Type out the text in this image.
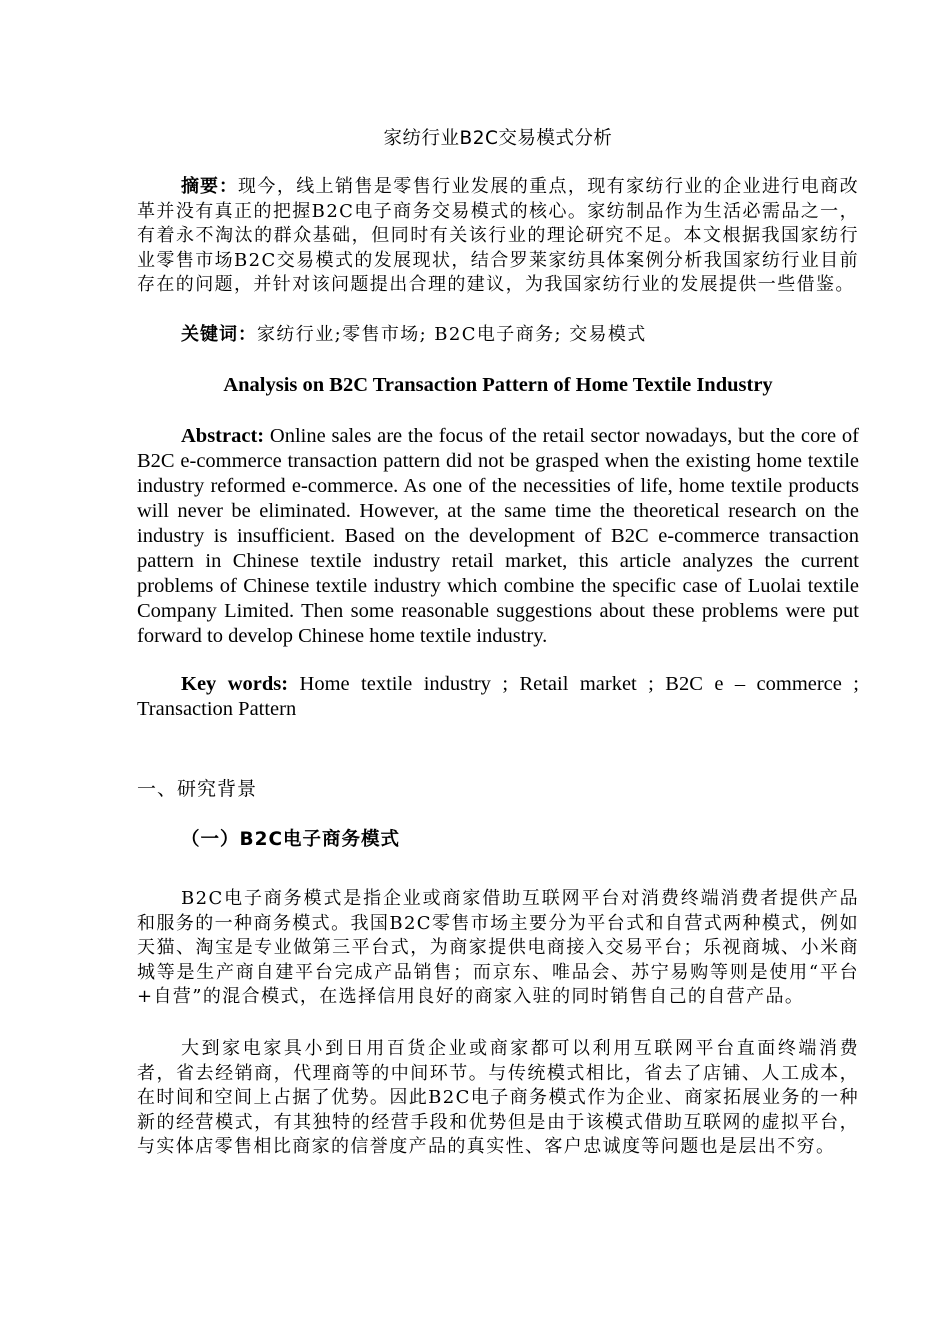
家纺行业B2C交易模式分析
摘要：现今，线上销售是零售行业发展的重点，现有家纺行业的企业进行电商改革并没有真正的把握B2C电子商务交易模式的核心。家纺制品作为生活必需品之一，有着永不淘汰的群众基础，但同时有关该行业的理论研究不足。本文根据我国家纺行业零售市场B2C交易模式的发展现状，结合罗莱家纺具体案例分析我国家纺行业目前存在的问题，并针对该问题提出合理的建议，为我国家纺行业的发展提供一些借鉴。
关键词：家纺行业;零售市场; B2C电子商务; 交易模式
Analysis on B2C Transaction Pattern of Home Textile Industry
Abstract: Online sales are the focus of the retail sector nowadays, but the core of B2C e-commerce transaction pattern did not be grasped when the existing home textile industry reformed e-commerce. As one of the necessities of life, home textile products will never be eliminated. However, at the same time the theoretical research on the industry is insufficient. Based on the development of B2C e-commerce transaction pattern in Chinese textile industry retail market, this article analyzes the current problems of Chinese textile industry which combine the specific case of Luolai textile Company Limited. Then some reasonable suggestions about these problems were put forward to develop Chinese home textile industry.
Key words: Home textile industry ; Retail market ; B2C e – commerce ; Transaction Pattern
一、研究背景
（一）B2C电子商务模式
B2C电子商务模式是指企业或商家借助互联网平台对消费终端消费者提供产品和服务的一种商务模式。我国B2C零售市场主要分为平台式和自营式两种模式，例如天猫、淘宝是专业做第三平台式，为商家提供电商接入交易平台；乐视商城、小米商城等是生产商自建平台完成产品销售；而京东、唯品会、苏宁易购等则是使用“平台+自营”的混合模式，在选择信用良好的商家入驻的同时销售自己的自营产品。
大到家电家具小到日用百货企业或商家都可以利用互联网平台直面终端消费者，省去经销商，代理商等的中间环节。与传统模式相比，省去了店铺、人工成本，在时间和空间上占据了优势。因此B2C电子商务模式作为企业、商家拓展业务的一种新的经营模式，有其独特的经营手段和优势但是由于该模式借助互联网的虚拟平台，与实体店零售相比商家的信誉度产品的真实性、客户忠诚度等问题也是层出不穷。
